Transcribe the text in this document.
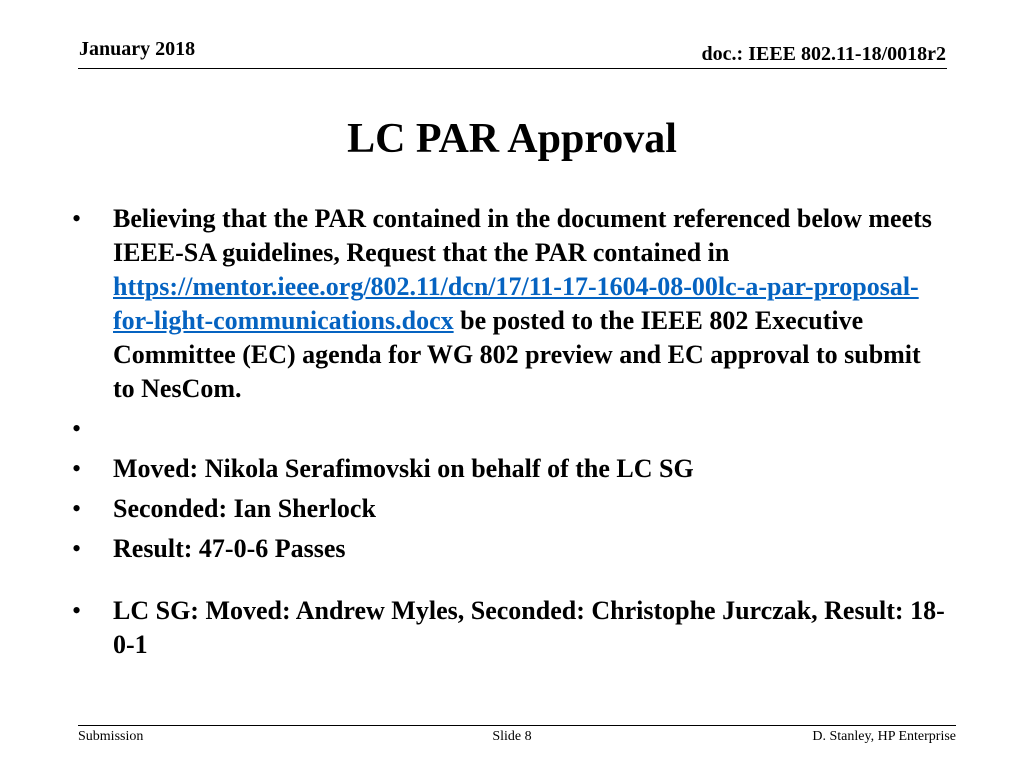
January 2018	doc.: IEEE 802.11-18/0018r2
LC PAR Approval
• Believing that the PAR contained in the document referenced below meets IEEE-SA guidelines, Request that the PAR contained in https://mentor.ieee.org/802.11/dcn/17/11-17-1604-08-00lc-a-par-proposal-for-light-communications.docx be posted to the IEEE 802 Executive Committee (EC) agenda for WG 802 preview and EC approval to submit to NesCom.
•
• Moved: Nikola Serafimovski on behalf of the LC SG
• Seconded: Ian Sherlock
• Result: 47-0-6 Passes
• LC SG: Moved: Andrew Myles, Seconded: Christophe Jurczak, Result: 18-0-1
Submission	Slide 8	D. Stanley, HP Enterprise
